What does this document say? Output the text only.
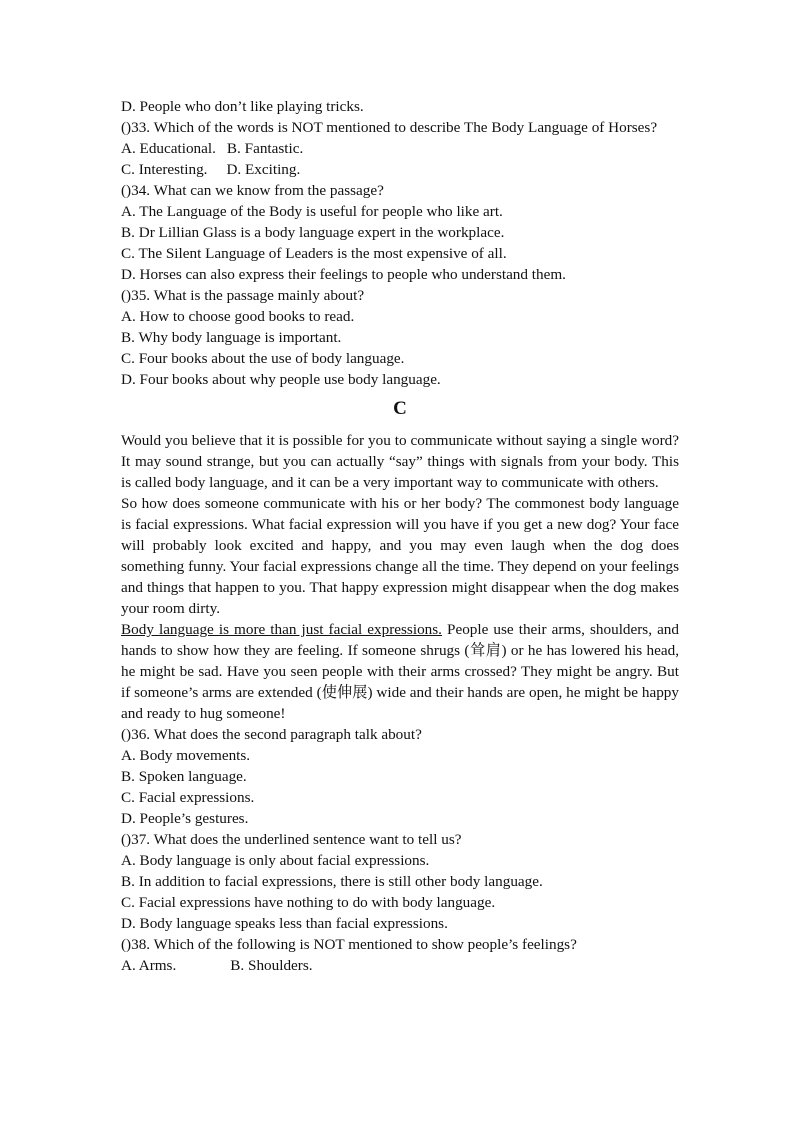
D. People who don’t like playing tricks.
()33. Which of the words is NOT mentioned to describe The Body Language of Horses?
A. Educational. B. Fantastic.
C. Interesting. D. Exciting.
()34. What can we know from the passage?
A. The Language of the Body is useful for people who like art.
B. Dr Lillian Glass is a body language expert in the workplace.
C. The Silent Language of Leaders is the most expensive of all.
D. Horses can also express their feelings to people who understand them.
()35. What is the passage mainly about?
A. How to choose good books to read.
B. Why body language is important.
C. Four books about the use of body language.
D. Four books about why people use body language.
C
Would you believe that it is possible for you to communicate without saying a single word? It may sound strange, but you can actually “say” things with signals from your body. This is called body language, and it can be a very important way to communicate with others.
So how does someone communicate with his or her body? The commonest body language is facial expressions. What facial expression will you have if you get a new dog? Your face will probably look excited and happy, and you may even laugh when the dog does something funny. Your facial expressions change all the time. They depend on your feelings and things that happen to you. That happy expression might disappear when the dog makes your room dirty.
Body language is more than just facial expressions. People use their arms, shoulders, and hands to show how they are feeling. If someone shrugs (耸肩) or he has lowered his head, he might be sad. Have you seen people with their arms crossed? They might be angry. But if someone’s arms are extended (使伸展) wide and their hands are open, he might be happy and ready to hug someone!
()36. What does the second paragraph talk about?
A. Body movements.
B. Spoken language.
C. Facial expressions.
D. People’s gestures.
()37. What does the underlined sentence want to tell us?
A. Body language is only about facial expressions.
B. In addition to facial expressions, there is still other body language.
C. Facial expressions have nothing to do with body language.
D. Body language speaks less than facial expressions.
()38. Which of the following is NOT mentioned to show people’s feelings?
A. Arms.	B. Shoulders.
